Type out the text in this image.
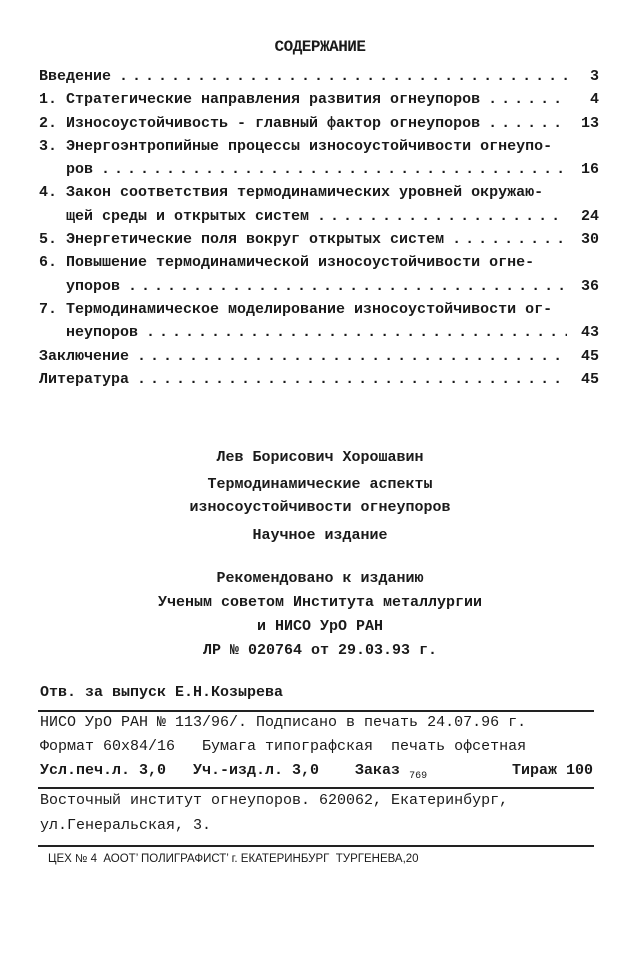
СОДЕРЖАНИЕ
Введение . . .	3
1. Стратегические направления развития огнеупоров . . .	4
2. Износоустойчивость - главный фактор огнеупоров . . .	13
3. Энергоэнтропийные процессы износоустойчивости огнеупо-
ров . . .	16
4. Закон соответствия термодинамических уровней окружаю-
щей среды и открытых систем . . .	24
5. Энергетические поля вокруг открытых систем . . .	30
6. Повышение термодинамической износоустойчивости огне-
упоров . . .	36
7. Термодинамическое моделирование износоустойчивости ог-
неупоров . . .	43
Заключение . . .	45
Литература . . .	45
Лев Борисович Хорошавин
Термодинамические аспекты
износоустойчивости огнеупоров
Научное издание
Рекомендовано к изданию
Ученым советом Института металлургии
и НИСО УрО РАН
ЛР № 020764 от 29.03.93 г.
Отв. за выпуск Е.Н.Козырева
НИСО УрО РАН № 113/96/. Подписано в печать 24.07.96 г.
Формат 60x84/16   Бумага типографская  печать офсетная
Усл.печ.л. 3,0   Уч.-изд.л. 3,0 Заказ $_{769}$	Тираж 100
Восточный институт огнеупоров. 620062, Екатеринбург,
ул.Генеральская, 3.
ЦЕХ № 4  АООТ’ ПОЛИГРАФИСТ’ г. ЕКАТЕРИНБУРГ  ТУРГЕНЕВА,20
